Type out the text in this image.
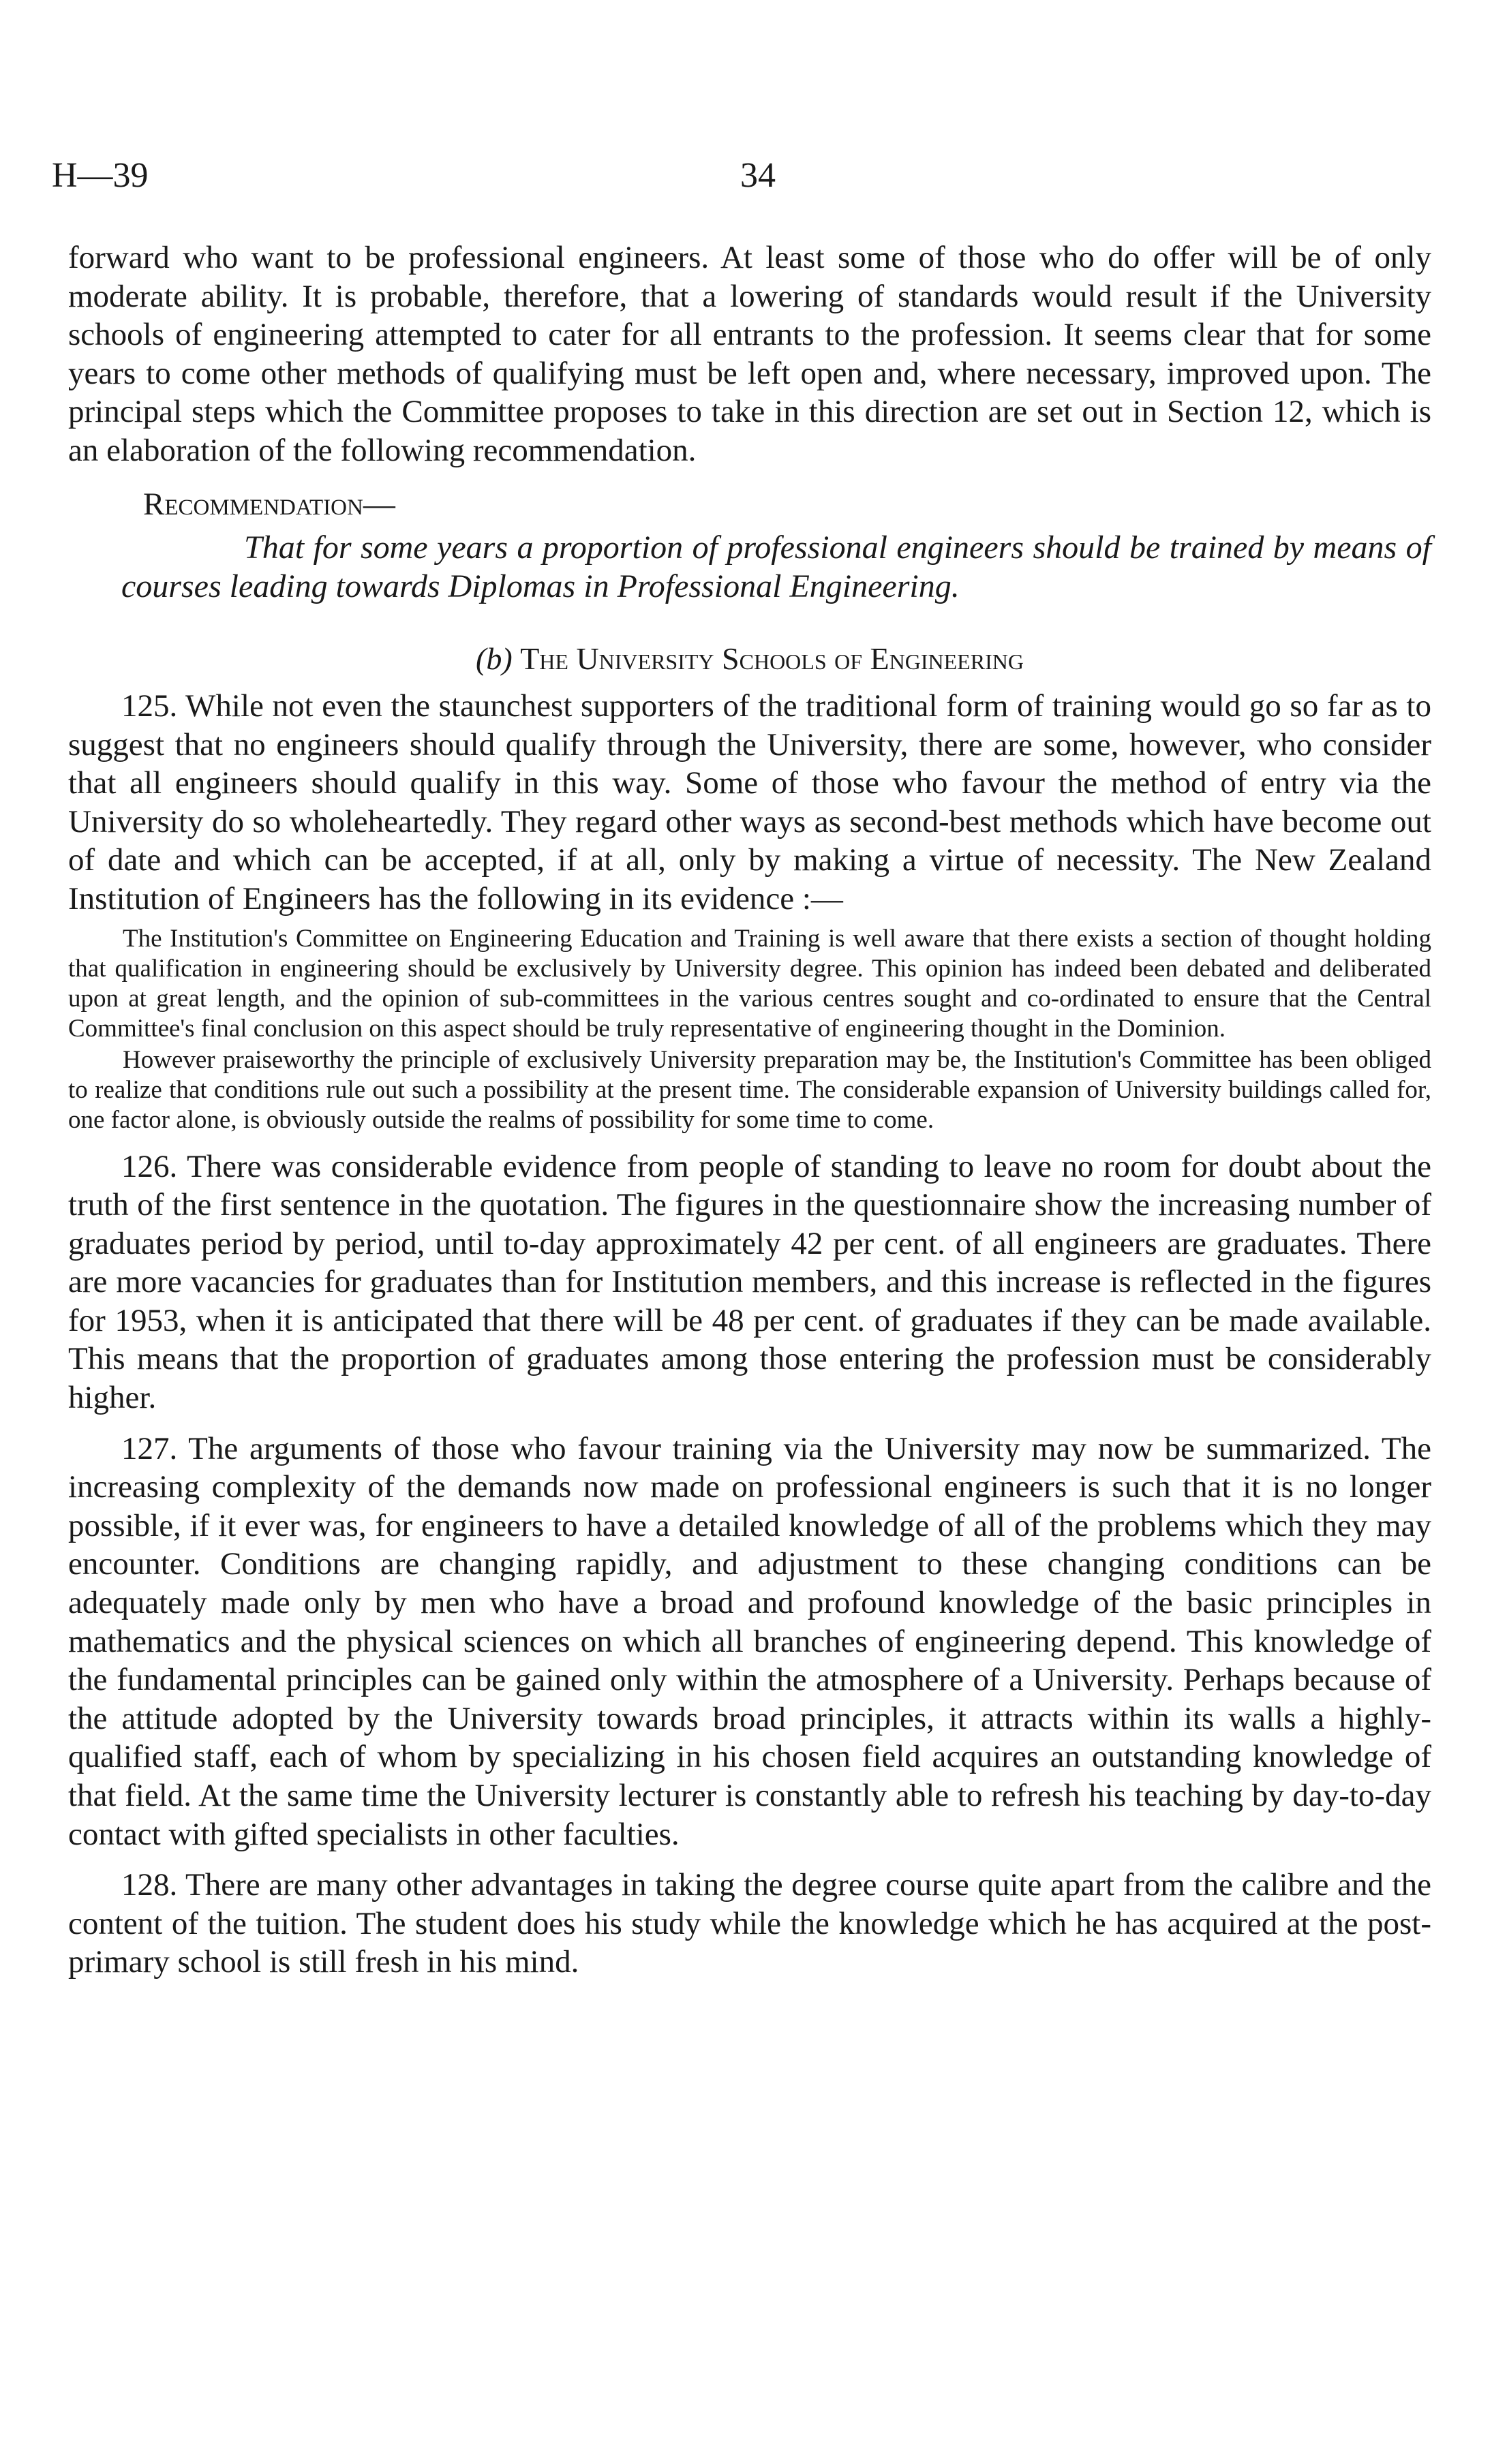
H—39	34

forward who want to be professional engineers. At least some of those who do offer will be of only moderate ability. It is probable, therefore, that a lowering of standards would result if the University schools of engineering attempted to cater for all entrants to the profession. It seems clear that for some years to come other methods of qualifying must be left open and, where necessary, improved upon. The principal steps which the Committee proposes to take in this direction are set out in Section 12, which is an elaboration of the following recommendation.

Recommendation—

That for some years a proportion of professional engineers should be trained by means of courses leading towards Diplomas in Professional Engineering.

(b) The University Schools of Engineering

125. While not even the staunchest supporters of the traditional form of training would go so far as to suggest that no engineers should qualify through the University, there are some, however, who consider that all engineers should qualify in this way. Some of those who favour the method of entry via the University do so wholeheartedly. They regard other ways as second-best methods which have become out of date and which can be accepted, if at all, only by making a virtue of necessity. The New Zealand Institution of Engineers has the following in its evidence :—

The Institution's Committee on Engineering Education and Training is well aware that there exists a section of thought holding that qualification in engineering should be exclusively by University degree. This opinion has indeed been debated and deliberated upon at great length, and the opinion of sub-committees in the various centres sought and co-ordinated to ensure that the Central Committee's final conclusion on this aspect should be truly representative of engineering thought in the Dominion.

However praiseworthy the principle of exclusively University preparation may be, the Institution's Committee has been obliged to realize that conditions rule out such a possibility at the present time. The considerable expansion of University buildings called for, one factor alone, is obviously outside the realms of possibility for some time to come.

126. There was considerable evidence from people of standing to leave no room for doubt about the truth of the first sentence in the quotation. The figures in the questionnaire show the increasing number of graduates period by period, until to-day approximately 42 per cent. of all engineers are graduates. There are more vacancies for graduates than for Institution members, and this increase is reflected in the figures for 1953, when it is anticipated that there will be 48 per cent. of graduates if they can be made available. This means that the proportion of graduates among those entering the profession must be considerably higher.

127. The arguments of those who favour training via the University may now be summarized. The increasing complexity of the demands now made on professional engineers is such that it is no longer possible, if it ever was, for engineers to have a detailed knowledge of all of the problems which they may encounter. Conditions are changing rapidly, and adjustment to these changing conditions can be adequately made only by men who have a broad and profound knowledge of the basic principles in mathematics and the physical sciences on which all branches of engineering depend. This knowledge of the fundamental principles can be gained only within the atmosphere of a University. Perhaps because of the attitude adopted by the University towards broad principles, it attracts within its walls a highly-qualified staff, each of whom by specializing in his chosen field acquires an outstanding knowledge of that field. At the same time the University lecturer is constantly able to refresh his teaching by day-to-day contact with gifted specialists in other faculties.

128. There are many other advantages in taking the degree course quite apart from the calibre and the content of the tuition. The student does his study while the knowledge which he has acquired at the post-primary school is still fresh in his mind.
